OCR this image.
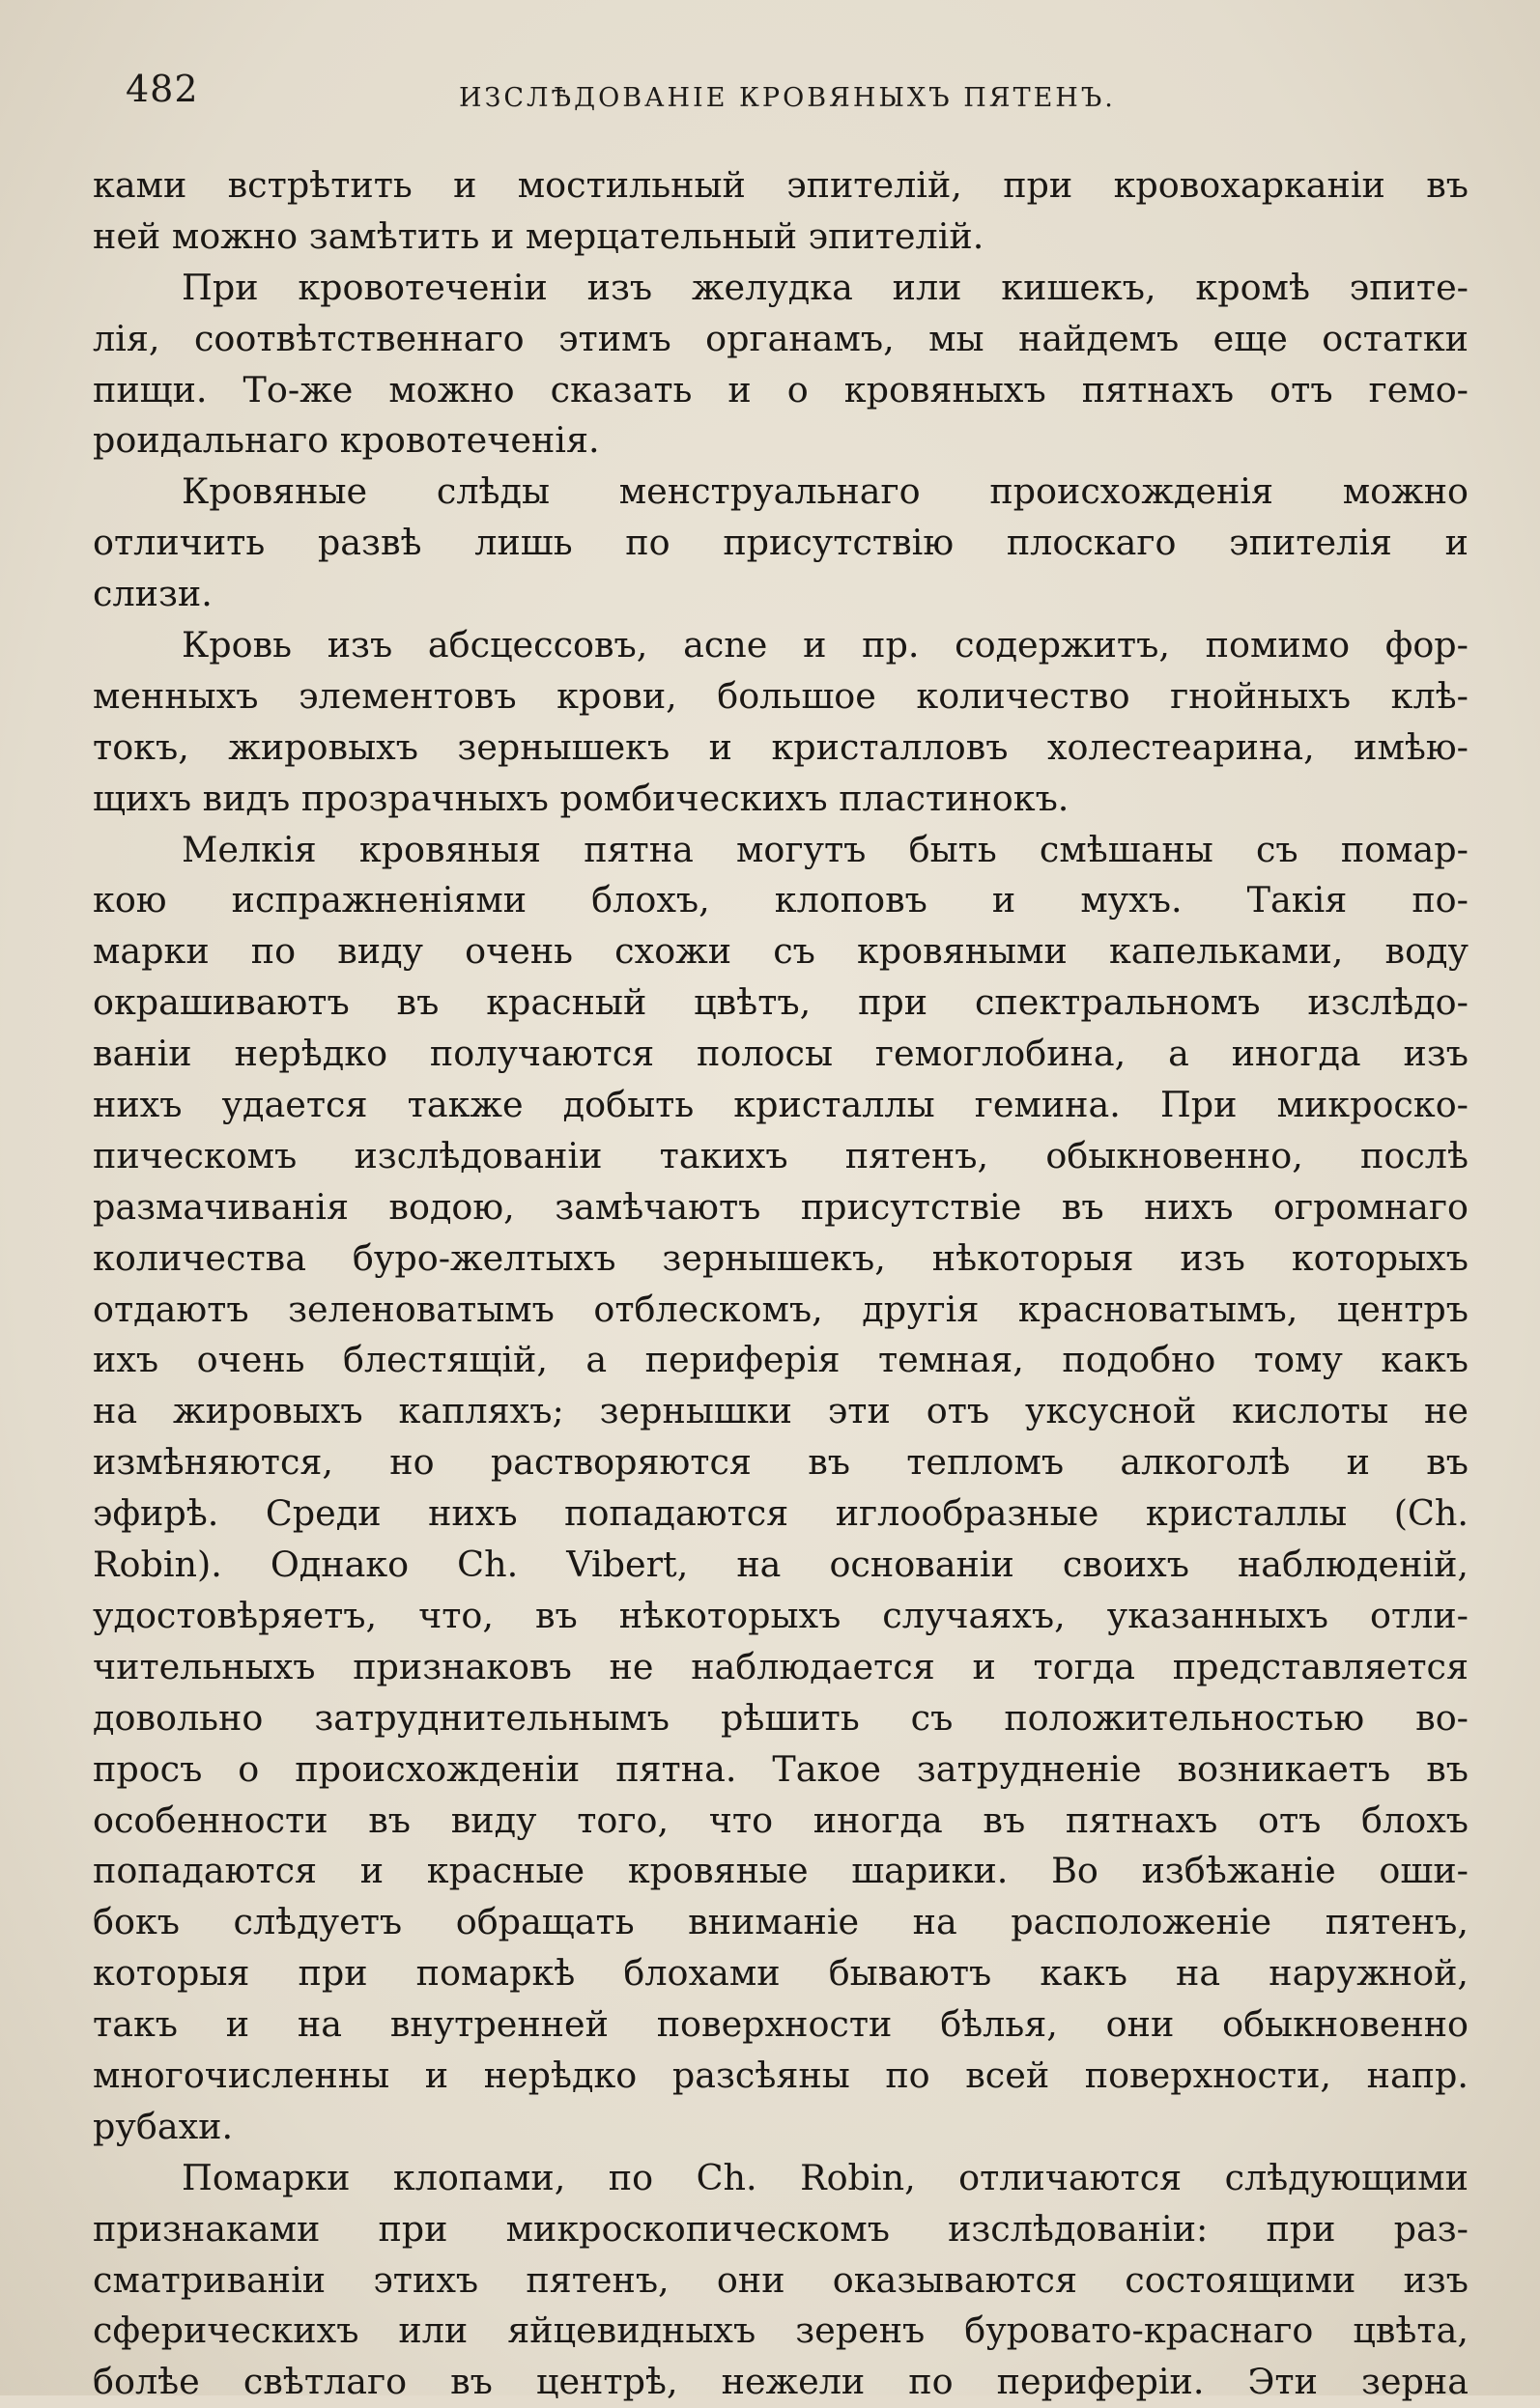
482	ИЗСЛѢДОВАНІЕ КРОВЯНЫХЪ ПЯТЕНЪ.
ками встрѣтить и мостильный эпителій, при кровохарканіи въ
ней можно замѣтить и мерцательный эпителій.
При кровотеченіи изъ желудка или кишекъ, кромѣ эпите-
лія, соотвѣтственнаго этимъ органамъ, мы найдемъ еще остатки
пищи. То-же можно сказать и о кровяныхъ пятнахъ отъ гемо-
роидальнаго кровотеченія.
Кровяные слѣды менструальнаго происхожденія можно
отличить развѣ лишь по присутствію плоскаго эпителія и
слизи.
Кровь изъ абсцессовъ, acne и пр. содержитъ, помимо фор-
менныхъ элементовъ крови, большое количество гнойныхъ клѣ-
токъ, жировыхъ зернышекъ и кристалловъ холестеарина, имѣю-
щихъ видъ прозрачныхъ ромбическихъ пластинокъ.
Мелкія кровяныя пятна могутъ быть смѣшаны съ помар-
кою испражненіями блохъ, клоповъ и мухъ. Такія по-
марки по виду очень схожи съ кровяными капельками, воду
окрашиваютъ въ красный цвѣтъ, при спектральномъ изслѣдо-
ваніи нерѣдко получаются полосы гемоглобина, а иногда изъ
нихъ удается также добыть кристаллы гемина. При микроско-
пическомъ изслѣдованіи такихъ пятенъ, обыкновенно, послѣ
размачиванія водою, замѣчаютъ присутствіе въ нихъ огромнаго
количества буро-желтыхъ зернышекъ, нѣкоторыя изъ которыхъ
отдаютъ зеленоватымъ отблескомъ, другія красноватымъ, центръ
ихъ очень блестящій, а периферія темная, подобно тому какъ
на жировыхъ капляхъ; зернышки эти отъ уксусной кислоты не
измѣняются, но растворяются въ тепломъ алкоголѣ и въ
эфирѣ. Среди нихъ попадаются иглообразные кристаллы (Ch.
Robin). Однако Ch. Vibert, на основаніи своихъ наблюденій,
удостовѣряетъ, что, въ нѣкоторыхъ случаяхъ, указанныхъ отли-
чительныхъ признаковъ не наблюдается и тогда представляется
довольно затруднительнымъ рѣшить съ положительностью во-
просъ о происхожденіи пятна. Такое затрудненіе возникаетъ въ
особенности въ виду того, что иногда въ пятнахъ отъ блохъ
попадаются и красные кровяные шарики. Во избѣжаніе оши-
бокъ слѣдуетъ обращать вниманіе на расположеніе пятенъ,
которыя при помаркѣ блохами бываютъ какъ на наружной,
такъ и на внутренней поверхности бѣлья, они обыкновенно
многочисленны и нерѣдко разсѣяны по всей поверхности, напр.
рубахи.
Помарки клопами, по Ch. Robin, отличаются слѣдующими
признаками при микроскопическомъ изслѣдованіи: при раз-
сматриваніи этихъ пятенъ, они оказываются состоящими изъ
сферическихъ или яйцевидныхъ зеренъ буровато-краснаго цвѣта,
болѣе свѣтлаго въ центрѣ, нежели по периферіи. Эти зерна
